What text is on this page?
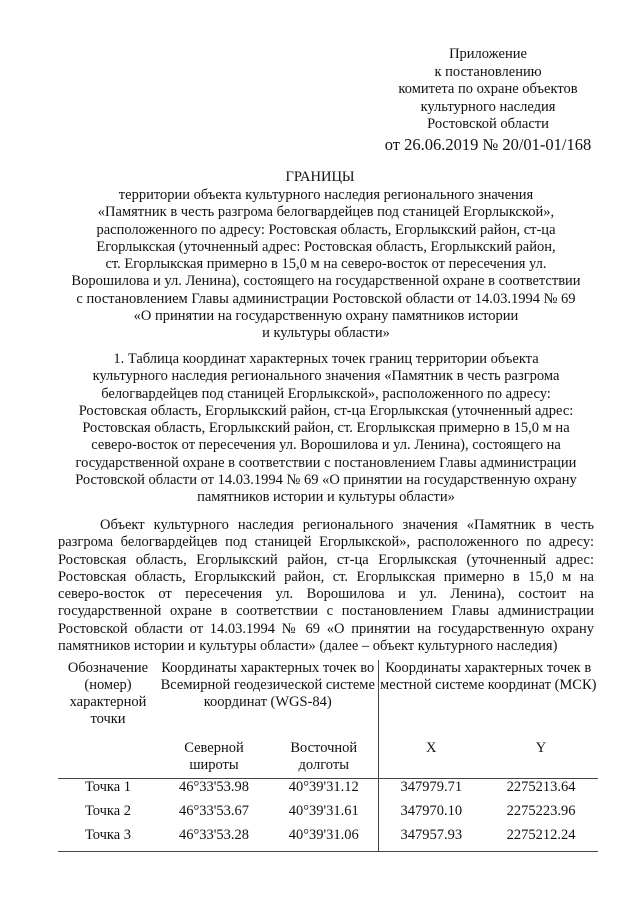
Приложение
к постановлению
комитета по охране объектов
культурного наследия
Ростовской области
от 26.06.2019 № 20/01-01/168
ГРАНИЦЫ
территории объекта культурного наследия регионального значения
«Памятник в честь разгрома белогвардейцев под станицей Егорлыкской»,
расположенного по адресу: Ростовская область, Егорлыкский район, ст-ца
Егорлыкская (уточненный адрес: Ростовская область, Егорлыкский район,
ст. Егорлыкская примерно в 15,0 м на северо-восток от пересечения ул.
Ворошилова и ул. Ленина), состоящего на государственной охране в соответствии
с постановлением Главы администрации Ростовской области от 14.03.1994 № 69
«О принятии на государственную охрану памятников истории
и культуры области»
1. Таблица координат характерных точек границ территории объекта
культурного наследия регионального значения «Памятник в честь разгрома
белогвардейцев под станицей Егорлыкской», расположенного по адресу:
Ростовская область, Егорлыкский район, ст-ца Егорлыкская (уточненный адрес:
Ростовская область, Егорлыкский район, ст. Егорлыкская примерно в 15,0 м на
северо-восток от пересечения ул. Ворошилова и ул. Ленина), состоящего на
государственной охране в соответствии с постановлением Главы администрации
Ростовской области от 14.03.1994 № 69 «О принятии на государственную охрану
памятников истории и культуры области»
Объект культурного наследия регионального значения «Памятник в честь разгрома белогвардейцев под станицей Егорлыкской», расположенного по адресу: Ростовская область, Егорлыкский район, ст-ца Егорлыкская (уточненный адрес: Ростовская область, Егорлыкский район, ст. Егорлыкская примерно в 15,0 м на северо-восток от пересечения ул. Ворошилова и ул. Ленина), состоит на государственной охране в соответствии с постановлением Главы администрации Ростовской области от 14.03.1994 № 69 «О принятии на государственную охрану памятников истории и культуры области» (далее – объект культурного наследия)
Обозначение (номер) характерной точки	Координаты характерных точек во Всемирной геодезической системе координат (WGS-84)		Координаты характерных точек в местной системе координат (МСК)	
	Северной широты	Восточной долготы	X	Y
Точка 1	46°33'53.98	40°39'31.12	347979.71	2275213.64
Точка 2	46°33'53.67	40°39'31.61	347970.10	2275223.96
Точка 3	46°33'53.28	40°39'31.06	347957.93	2275212.24
